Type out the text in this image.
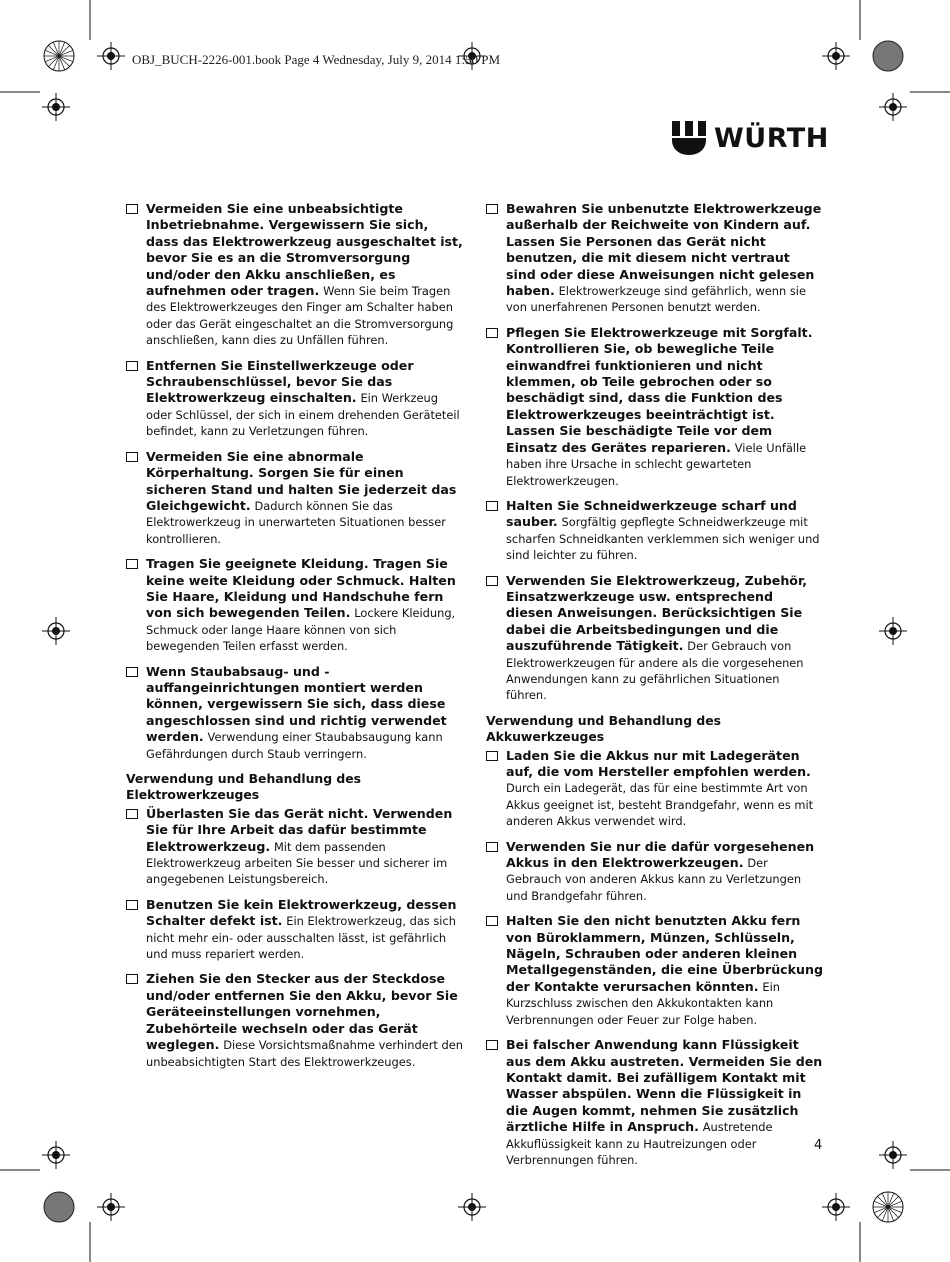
OBJ_BUCH-2226-001.book Page 4 Wednesday, July 9, 2014 1:50 PM
WÜRTH
Vermeiden Sie eine unbeabsichtigte Inbetriebnahme. Vergewissern Sie sich, dass das Elektrowerkzeug ausgeschaltet ist, bevor Sie es an die Stromversorgung und/oder den Akku anschließen, es aufnehmen oder tragen. Wenn Sie beim Tragen des Elektrowerkzeuges den Finger am Schalter haben oder das Gerät eingeschaltet an die Stromversorgung anschließen, kann dies zu Unfällen führen.
Entfernen Sie Einstellwerkzeuge oder Schraubenschlüssel, bevor Sie das Elektrowerkzeug einschalten. Ein Werkzeug oder Schlüssel, der sich in einem drehenden Geräteteil befindet, kann zu Verletzungen führen.
Vermeiden Sie eine abnormale Körperhaltung. Sorgen Sie für einen sicheren Stand und halten Sie jederzeit das Gleichgewicht. Dadurch können Sie das Elektrowerkzeug in unerwarteten Situationen besser kontrollieren.
Tragen Sie geeignete Kleidung. Tragen Sie keine weite Kleidung oder Schmuck. Halten Sie Haare, Kleidung und Handschuhe fern von sich bewegenden Teilen. Lockere Kleidung, Schmuck oder lange Haare können von sich bewegenden Teilen erfasst werden.
Wenn Staubabsaug- und -auffangeinrichtungen montiert werden können, vergewissern Sie sich, dass diese angeschlossen sind und richtig verwendet werden. Verwendung einer Staubabsaugung kann Gefährdungen durch Staub verringern.
Verwendung und Behandlung des Elektrowerkzeuges
Überlasten Sie das Gerät nicht. Verwenden Sie für Ihre Arbeit das dafür bestimmte Elektrowerkzeug. Mit dem passenden Elektrowerkzeug arbeiten Sie besser und sicherer im angegebenen Leistungsbereich.
Benutzen Sie kein Elektrowerkzeug, dessen Schalter defekt ist. Ein Elektrowerkzeug, das sich nicht mehr ein- oder ausschalten lässt, ist gefährlich und muss repariert werden.
Ziehen Sie den Stecker aus der Steckdose und/oder entfernen Sie den Akku, bevor Sie Geräteeinstellungen vornehmen, Zubehörteile wechseln oder das Gerät weglegen. Diese Vorsichtsmaßnahme verhindert den unbeabsichtigten Start des Elektrowerkzeuges.
Bewahren Sie unbenutzte Elektrowerkzeuge außerhalb der Reichweite von Kindern auf. Lassen Sie Personen das Gerät nicht benutzen, die mit diesem nicht vertraut sind oder diese Anweisungen nicht gelesen haben. Elektrowerkzeuge sind gefährlich, wenn sie von unerfahrenen Personen benutzt werden.
Pflegen Sie Elektrowerkzeuge mit Sorgfalt. Kontrollieren Sie, ob bewegliche Teile einwandfrei funktionieren und nicht klemmen, ob Teile gebrochen oder so beschädigt sind, dass die Funktion des Elektrowerkzeuges beeinträchtigt ist. Lassen Sie beschädigte Teile vor dem Einsatz des Gerätes reparieren. Viele Unfälle haben ihre Ursache in schlecht gewarteten Elektrowerkzeugen.
Halten Sie Schneidwerkzeuge scharf und sauber. Sorgfältig gepflegte Schneidwerkzeuge mit scharfen Schneidkanten verklemmen sich weniger und sind leichter zu führen.
Verwenden Sie Elektrowerkzeug, Zubehör, Einsatzwerkzeuge usw. entsprechend diesen Anweisungen. Berücksichtigen Sie dabei die Arbeitsbedingungen und die auszuführende Tätigkeit. Der Gebrauch von Elektrowerkzeugen für andere als die vorgesehenen Anwendungen kann zu gefährlichen Situationen führen.
Verwendung und Behandlung des Akkuwerkzeuges
Laden Sie die Akkus nur mit Ladegeräten auf, die vom Hersteller empfohlen werden. Durch ein Ladegerät, das für eine bestimmte Art von Akkus geeignet ist, besteht Brandgefahr, wenn es mit anderen Akkus verwendet wird.
Verwenden Sie nur die dafür vorgesehenen Akkus in den Elektrowerkzeugen. Der Gebrauch von anderen Akkus kann zu Verletzungen und Brandgefahr führen.
Halten Sie den nicht benutzten Akku fern von Büroklammern, Münzen, Schlüsseln, Nägeln, Schrauben oder anderen kleinen Metallgegenständen, die eine Überbrückung der Kontakte verursachen könnten. Ein Kurzschluss zwischen den Akkukontakten kann Verbrennungen oder Feuer zur Folge haben.
Bei falscher Anwendung kann Flüssigkeit aus dem Akku austreten. Vermeiden Sie den Kontakt damit. Bei zufälligem Kontakt mit Wasser abspülen. Wenn die Flüssigkeit in die Augen kommt, nehmen Sie zusätzlich ärztliche Hilfe in Anspruch. Austretende Akkuflüssigkeit kann zu Hautreizungen oder Verbrennungen führen.
4
